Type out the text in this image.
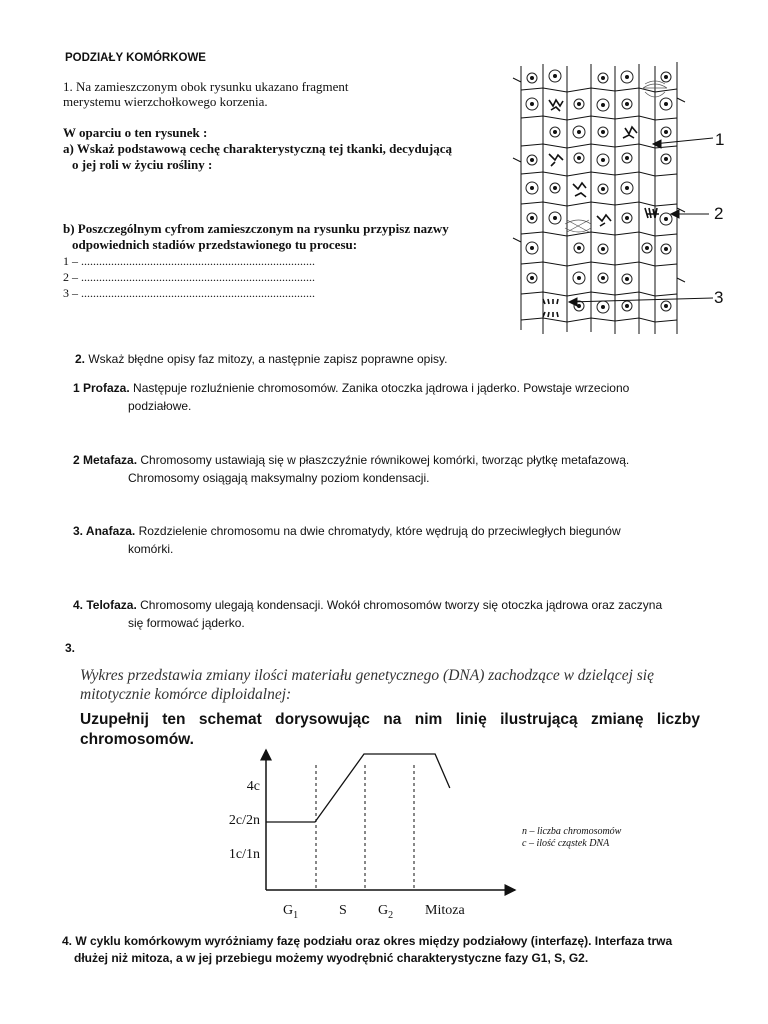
PODZIAŁY KOMÓRKOWE
1. Na zamieszczonym obok rysunku ukazano fragment
merystemu wierzchołkowego korzenia.
W oparciu o ten rysunek :
a) Wskaż podstawową cechę charakterystyczną tej tkanki, decydującą
o jej roli w życiu rośliny :
b) Poszczególnym cyfrom zamieszczonym na rysunku przypisz nazwy
odpowiednich stadiów przedstawionego tu procesu:
1 – ..............................................................................
2 – ..............................................................................
3 – ..............................................................................
1
2
3
2. Wskaż błędne opisy faz mitozy, a następnie zapisz poprawne opisy.
1 Profaza. Następuje rozluźnienie chromosomów. Zanika otoczka jądrowa i jąderko. Powstaje wrzeciono
podziałowe.
2 Metafaza. Chromosomy ustawiają się w płaszczyźnie równikowej komórki, tworząc płytkę metafazową.
Chromosomy osiągają maksymalny poziom kondensacji.
3. Anafaza. Rozdzielenie chromosomu na dwie chromatydy, które wędrują do przeciwległych biegunów
komórki.
4. Telofaza. Chromosomy ulegają kondensacji. Wokół chromosomów tworzy się otoczka jądrowa oraz zaczyna
się formować jąderko.
3.
Wykres przedstawia zmiany ilości materiału genetycznego (DNA) zachodzące w dzielącej się
mitotycznie komórce diploidalnej:
Uzupełnij ten schemat dorysowując na nim linię ilustrującą zmianę liczby
chromosomów.
4c
2c/2n
1c/1n
$G_1$	S $G_2$ Mitoza
n – liczba chromosomów
c – ilość cząstek DNA
4. W cyklu komórkowym wyróżniamy fazę podziału oraz okres między podziałowy (interfazę). Interfaza trwa
dłużej niż mitoza, a w jej przebiegu możemy wyodrębnić charakterystyczne fazy G1, S, G2.
